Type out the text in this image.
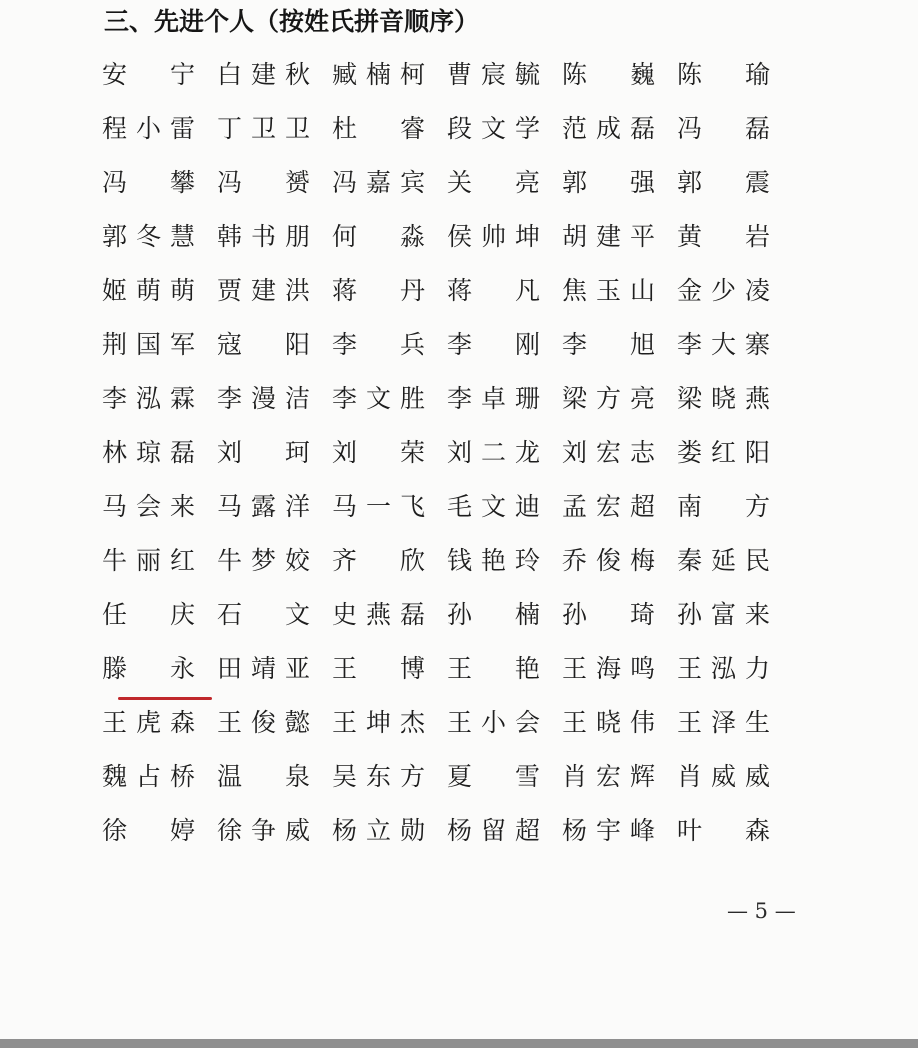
三、先进个人（按姓氏拼音顺序）
安 宁 白建秋 臧楠柯 曹宸毓 陈 巍 陈 瑜
程小雷 丁卫卫 杜 睿 段文学 范成磊 冯 磊
冯 攀 冯 赟 冯嘉宾 关 亮 郭 强 郭 震
郭冬慧 韩书朋 何 淼 侯帅坤 胡建平 黄 岩
姬萌萌 贾建洪 蒋 丹 蒋 凡 焦玉山 金少凌
荆国军 寇 阳 李 兵 李 刚 李 旭 李大寨
李泓霖 李漫洁 李文胜 李卓珊 梁方亮 梁晓燕
林琼磊 刘 珂 刘 荣 刘二龙 刘宏志 娄红阳
马会来 马露洋 马一飞 毛文迪 孟宏超 南 方
牛丽红 牛梦姣 齐 欣 钱艳玲 乔俊梅 秦延民
任 庆 石 文 史燕磊 孙 楠 孙 琦 孙富来
滕 永 田靖亚 王 博 王 艳 王海鸣 王泓力
王虎森 王俊懿 王坤杰 王小会 王晓伟 王泽生
魏占桥 温 泉 吴东方 夏 雪 肖宏辉 肖威威
徐 婷 徐争威 杨立勋 杨留超 杨宇峰 叶 森
— 5 —
